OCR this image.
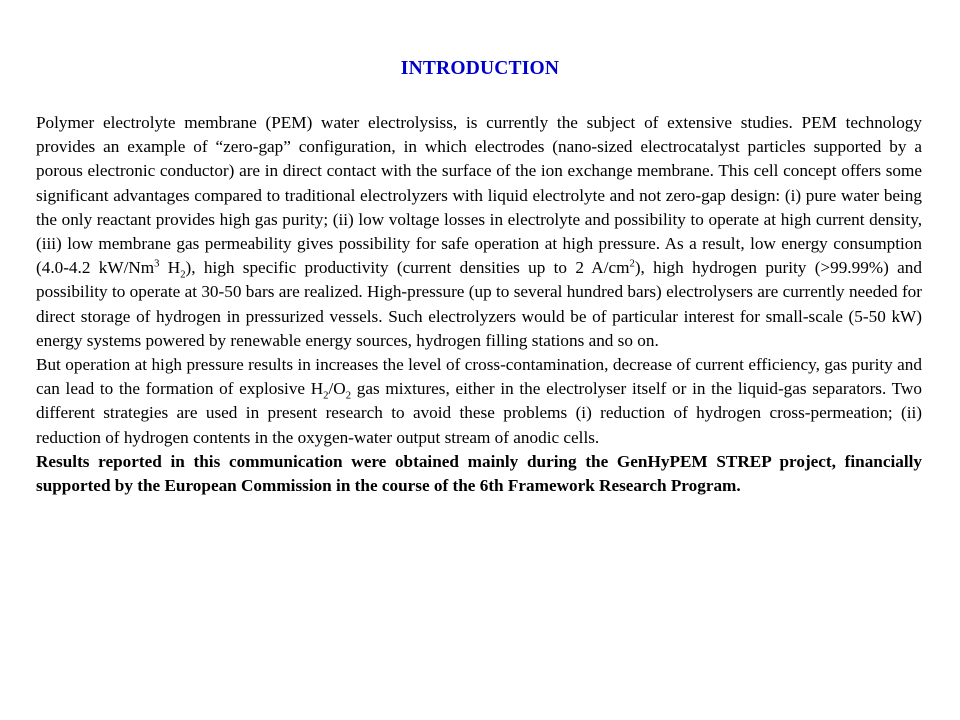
INTRODUCTION

Polymer electrolyte membrane (PEM) water electrolysiss, is currently the subject of extensive studies. PEM technology provides an example of “zero-gap” configuration, in which electrodes (nano-sized electrocatalyst particles supported by a porous electronic conductor) are in direct contact with the surface of the ion exchange membrane. This cell concept offers some significant advantages compared to traditional electrolyzers with liquid electrolyte and not zero-gap design: (i) pure water being the only reactant provides high gas purity; (ii) low voltage losses in electrolyte and possibility to operate at high current density, (iii) low membrane gas permeability gives possibility for safe operation at high pressure. As a result, low energy consumption (4.0-4.2 kW/Nm$^3$ $H_2$), high specific productivity (current densities up to 2 $A/cm^2$), high hydrogen purity (>99.99%) and possibility to operate at 30-50 bars are realized. High-pressure (up to several hundred bars) electrolysers are currently needed for direct storage of hydrogen in pressurized vessels. Such electrolyzers would be of particular interest for small-scale (5-50 kW) energy systems powered by renewable energy sources, hydrogen filling stations and so on.

But operation at high pressure results in increases the level of cross-contamination, decrease of current efficiency, gas purity and can lead to the formation of explosive $H_2/O_2$ gas mixtures, either in the electrolyser itself or in the liquid-gas separators. Two different strategies are used in present research to avoid these problems (i) reduction of hydrogen cross-permeation; (ii) reduction of hydrogen contents in the oxygen-water output stream of anodic cells.

Results reported in this communication were obtained mainly during the GenHyPEM STREP project, financially supported by the European Commission in the course of the 6th Framework Research Program.
